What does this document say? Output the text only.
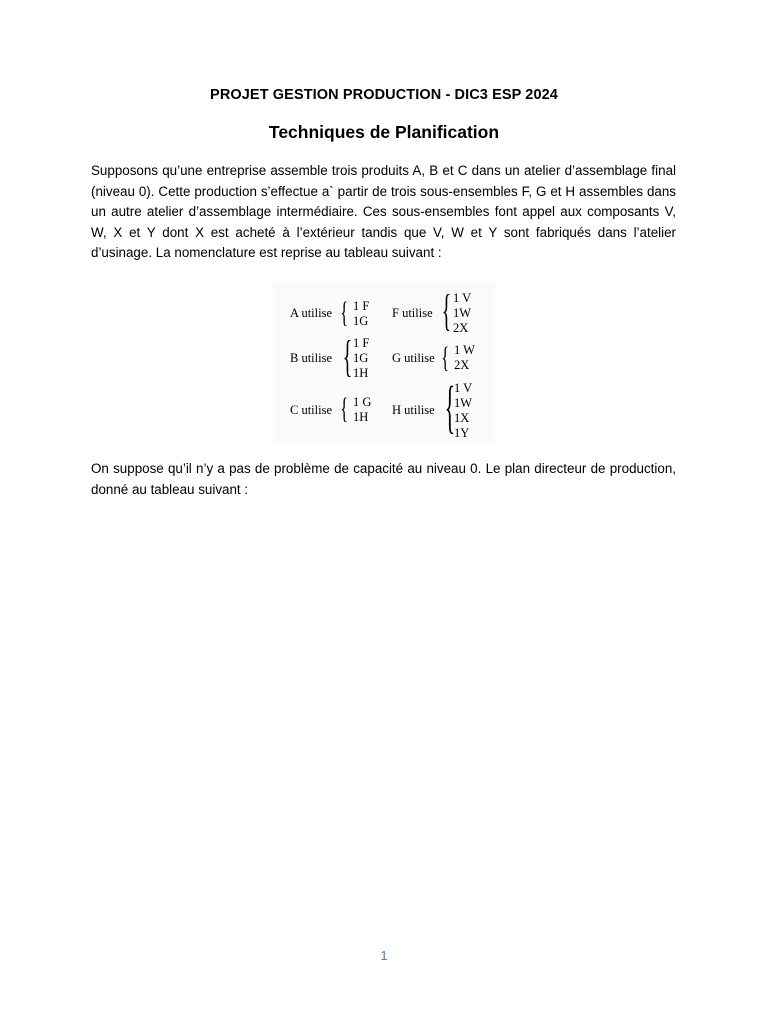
PROJET GESTION PRODUCTION - DIC3 ESP 2024
Techniques de Planification
Supposons qu’une entreprise assemble trois produits A, B et C dans un atelier d’assemblage final (niveau 0). Cette production s’effectue a` partir de trois sous-ensembles F, G et H assembles dans un autre atelier d’assemblage intermédiaire. Ces sous-ensembles font appel aux composants V, W, X et Y dont X est acheté à l’extérieur tandis que V, W et Y sont fabriqués dans l’atelier d’usinage. La nomenclature est reprise au tableau suivant :
A utilise { 1 F
1G
F utilise { 1 V
1W
2X
B utilise { 1 F
1G
1H
G utilise { 1 W
2X
C utilise { 1 G
1H H utilise {
1 V
1W
1X
1Y
On suppose qu’il n’y a pas de problème de capacité au niveau 0. Le plan directeur de production, donné au tableau suivant :
1
